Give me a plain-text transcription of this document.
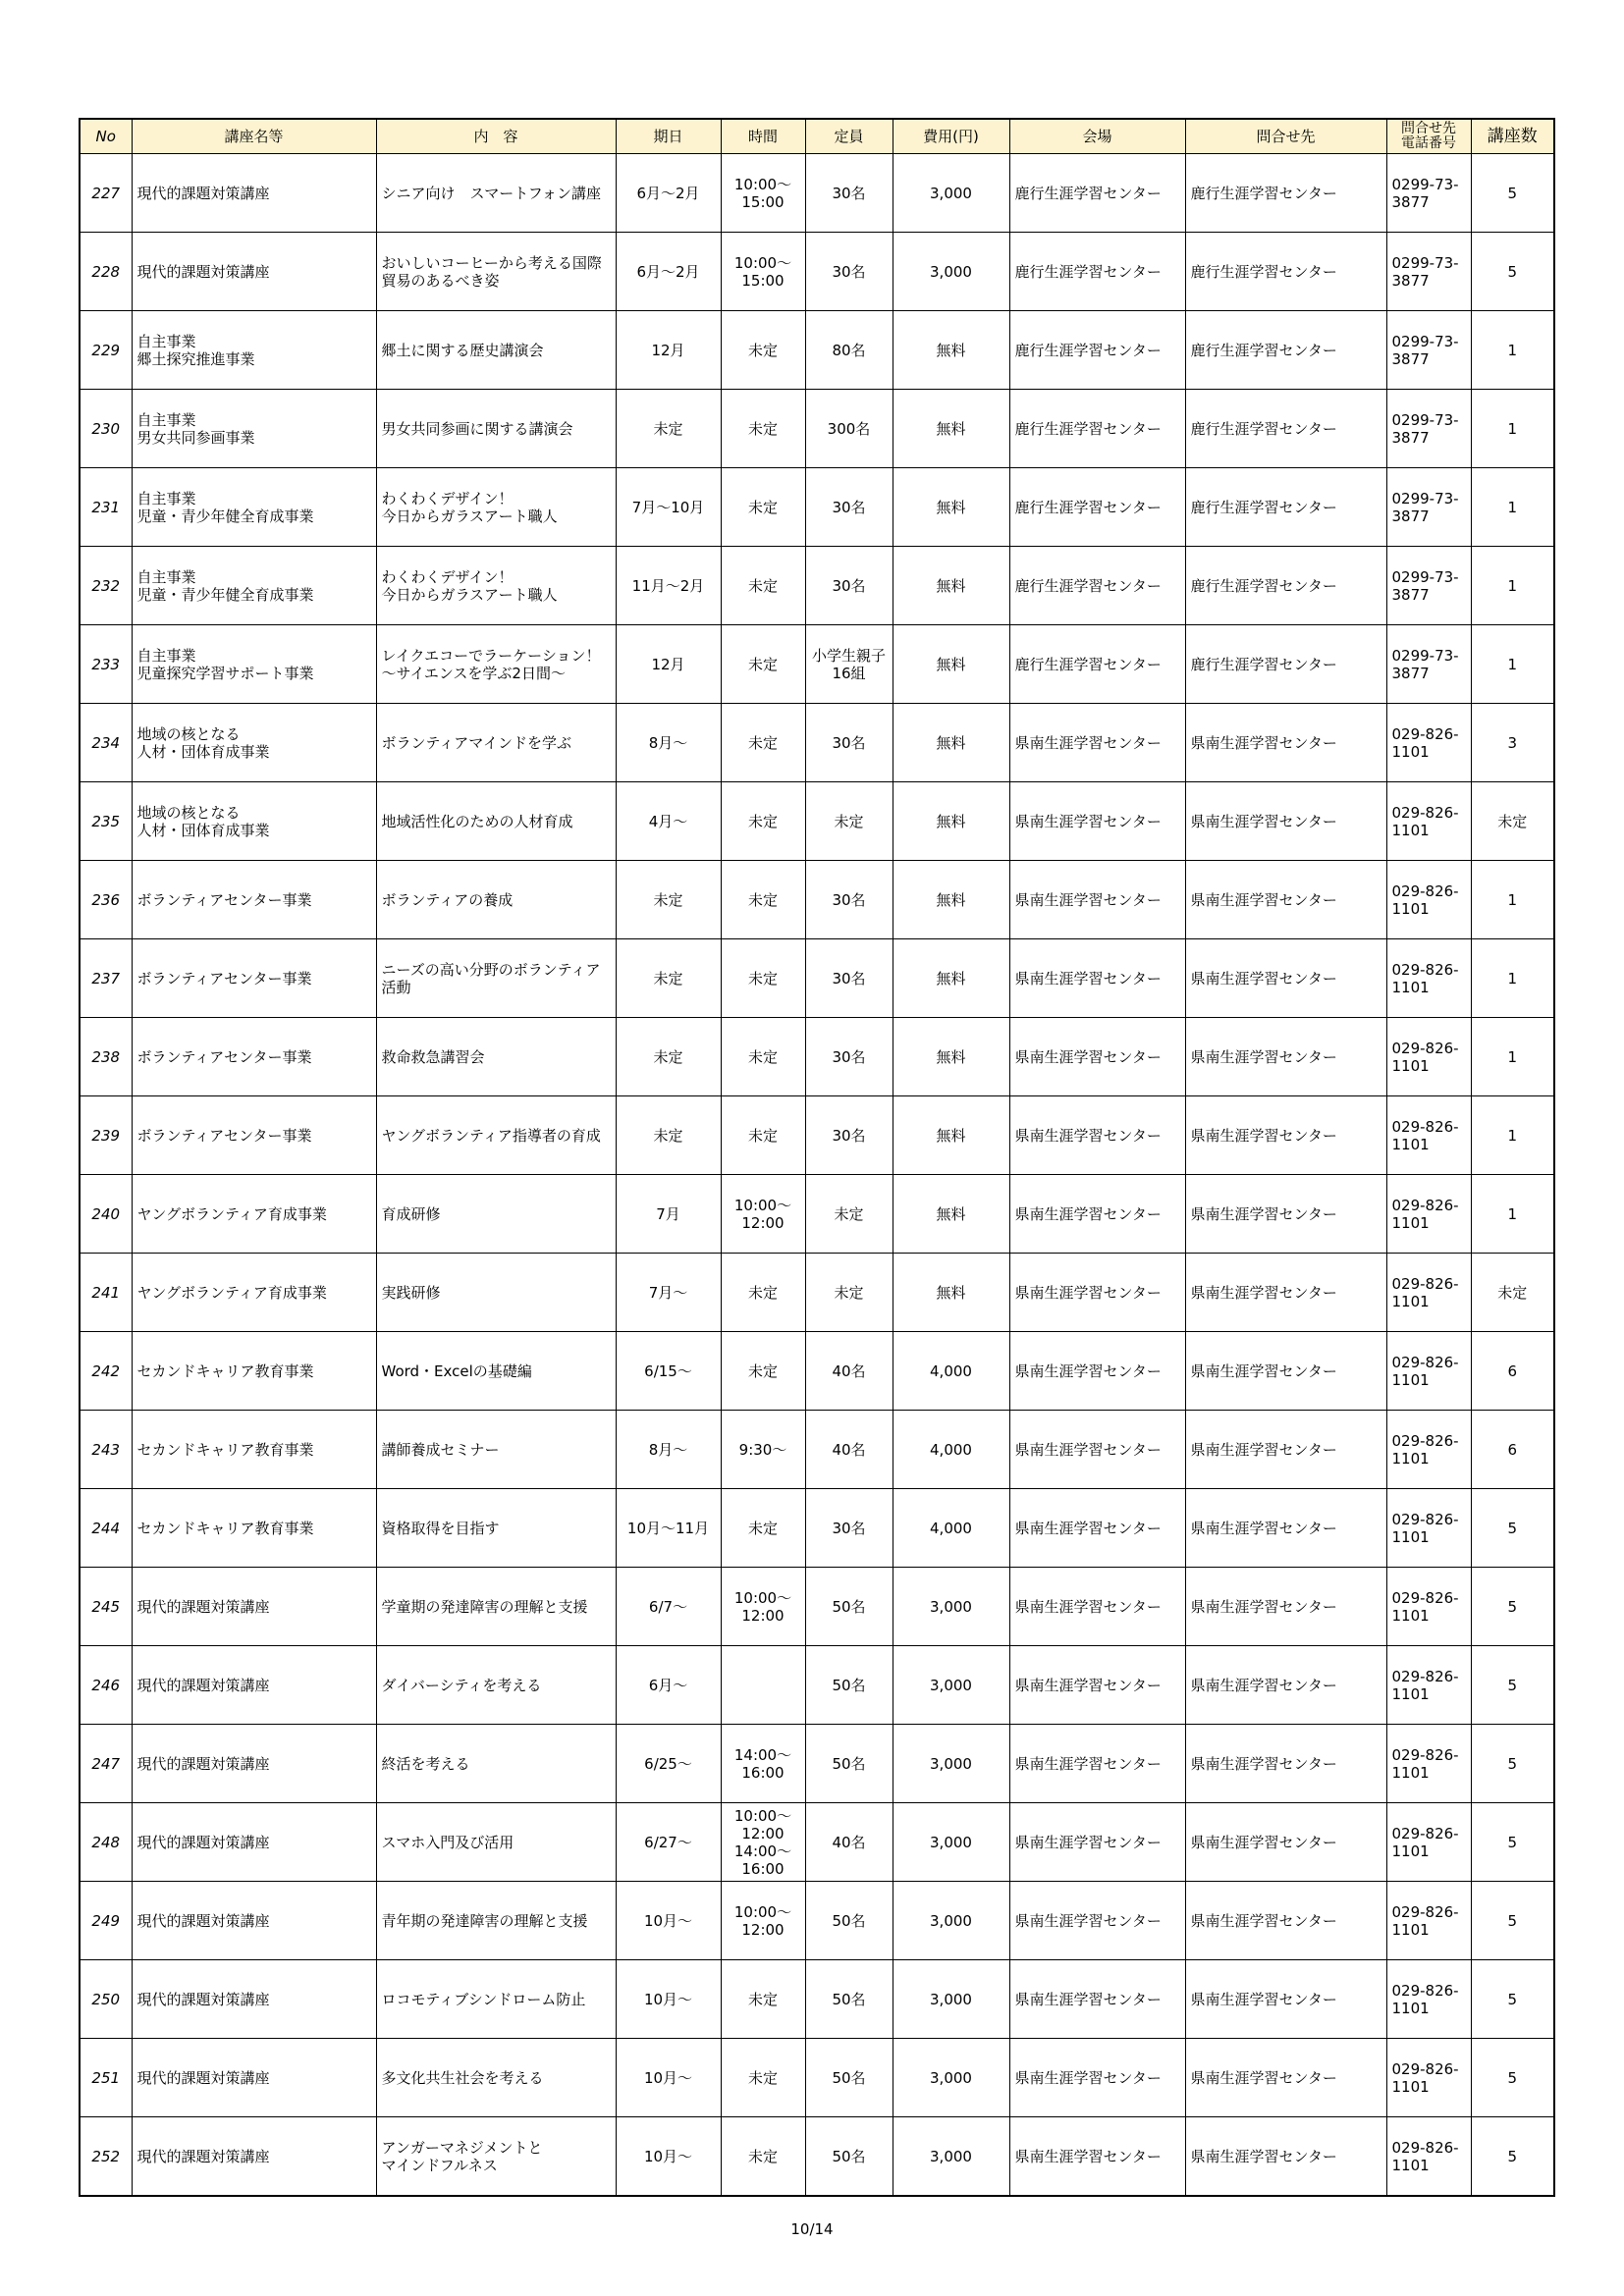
No	講座名等	内　容	期日	時間	定員	費用(円)	会場	問合せ先	問合せ先
電話番号	講座数
227	現代的課題対策講座	シニア向け　スマートフォン講座	6月～2月	10:00～
15:00	30名	3,000	鹿行生涯学習センター	鹿行生涯学習センター	0299-73-
3877	5
228	現代的課題対策講座	おいしいコーヒーから考える国際
貿易のあるべき姿	6月～2月	10:00～
15:00	30名	3,000	鹿行生涯学習センター	鹿行生涯学習センター	0299-73-
3877	5
229	自主事業
郷土探究推進事業	郷土に関する歴史講演会	12月	未定	80名	無料	鹿行生涯学習センター	鹿行生涯学習センター	0299-73-
3877	1
230	自主事業
男女共同参画事業	男女共同参画に関する講演会	未定	未定	300名	無料	鹿行生涯学習センター	鹿行生涯学習センター	0299-73-
3877	1
231	自主事業
児童・青少年健全育成事業	わくわくデザイン！
今日からガラスアート職人	7月～10月	未定	30名	無料	鹿行生涯学習センター	鹿行生涯学習センター	0299-73-
3877	1
232	自主事業
児童・青少年健全育成事業	わくわくデザイン！
今日からガラスアート職人	11月～2月	未定	30名	無料	鹿行生涯学習センター	鹿行生涯学習センター	0299-73-
3877	1
233	自主事業
児童探究学習サポート事業	レイクエコーでラーケーション！
～サイエンスを学ぶ2日間～	12月	未定	小学生親子
16組	無料	鹿行生涯学習センター	鹿行生涯学習センター	0299-73-
3877	1
234	地域の核となる
人材・団体育成事業	ボランティアマインドを学ぶ	8月～	未定	30名	無料	県南生涯学習センター	県南生涯学習センター	029-826-
1101	3
235	地域の核となる
人材・団体育成事業	地域活性化のための人材育成	4月～	未定	未定	無料	県南生涯学習センター	県南生涯学習センター	029-826-
1101	未定
236	ボランティアセンター事業	ボランティアの養成	未定	未定	30名	無料	県南生涯学習センター	県南生涯学習センター	029-826-
1101	1
237	ボランティアセンター事業	ニーズの高い分野のボランティア
活動	未定	未定	30名	無料	県南生涯学習センター	県南生涯学習センター	029-826-
1101	1
238	ボランティアセンター事業	救命救急講習会	未定	未定	30名	無料	県南生涯学習センター	県南生涯学習センター	029-826-
1101	1
239	ボランティアセンター事業	ヤングボランティア指導者の育成	未定	未定	30名	無料	県南生涯学習センター	県南生涯学習センター	029-826-
1101	1
240	ヤングボランティア育成事業	育成研修	7月	10:00～
12:00	未定	無料	県南生涯学習センター	県南生涯学習センター	029-826-
1101	1
241	ヤングボランティア育成事業	実践研修	7月～	未定	未定	無料	県南生涯学習センター	県南生涯学習センター	029-826-
1101	未定
242	セカンドキャリア教育事業	Word・Excelの基礎編	6/15～	未定	40名	4,000	県南生涯学習センター	県南生涯学習センター	029-826-
1101	6
243	セカンドキャリア教育事業	講師養成セミナー	8月～	9:30～	40名	4,000	県南生涯学習センター	県南生涯学習センター	029-826-
1101	6
244	セカンドキャリア教育事業	資格取得を目指す	10月～11月	未定	30名	4,000	県南生涯学習センター	県南生涯学習センター	029-826-
1101	5
245	現代的課題対策講座	学童期の発達障害の理解と支援	6/7～	10:00～
12:00	50名	3,000	県南生涯学習センター	県南生涯学習センター	029-826-
1101	5
246	現代的課題対策講座	ダイバーシティを考える	6月～		50名	3,000	県南生涯学習センター	県南生涯学習センター	029-826-
1101	5
247	現代的課題対策講座	終活を考える	6/25～	14:00～
16:00	50名	3,000	県南生涯学習センター	県南生涯学習センター	029-826-
1101	5
248	現代的課題対策講座	スマホ入門及び活用	6/27～	10:00～
12:00
14:00～
16:00	40名	3,000	県南生涯学習センター	県南生涯学習センター	029-826-
1101	5
249	現代的課題対策講座	青年期の発達障害の理解と支援	10月～	10:00～
12:00	50名	3,000	県南生涯学習センター	県南生涯学習センター	029-826-
1101	5
250	現代的課題対策講座	ロコモティブシンドローム防止	10月～	未定	50名	3,000	県南生涯学習センター	県南生涯学習センター	029-826-
1101	5
251	現代的課題対策講座	多文化共生社会を考える	10月～	未定	50名	3,000	県南生涯学習センター	県南生涯学習センター	029-826-
1101	5
252	現代的課題対策講座	アンガーマネジメントと
マインドフルネス	10月～	未定	50名	3,000	県南生涯学習センター	県南生涯学習センター	029-826-
1101	5
10/14
